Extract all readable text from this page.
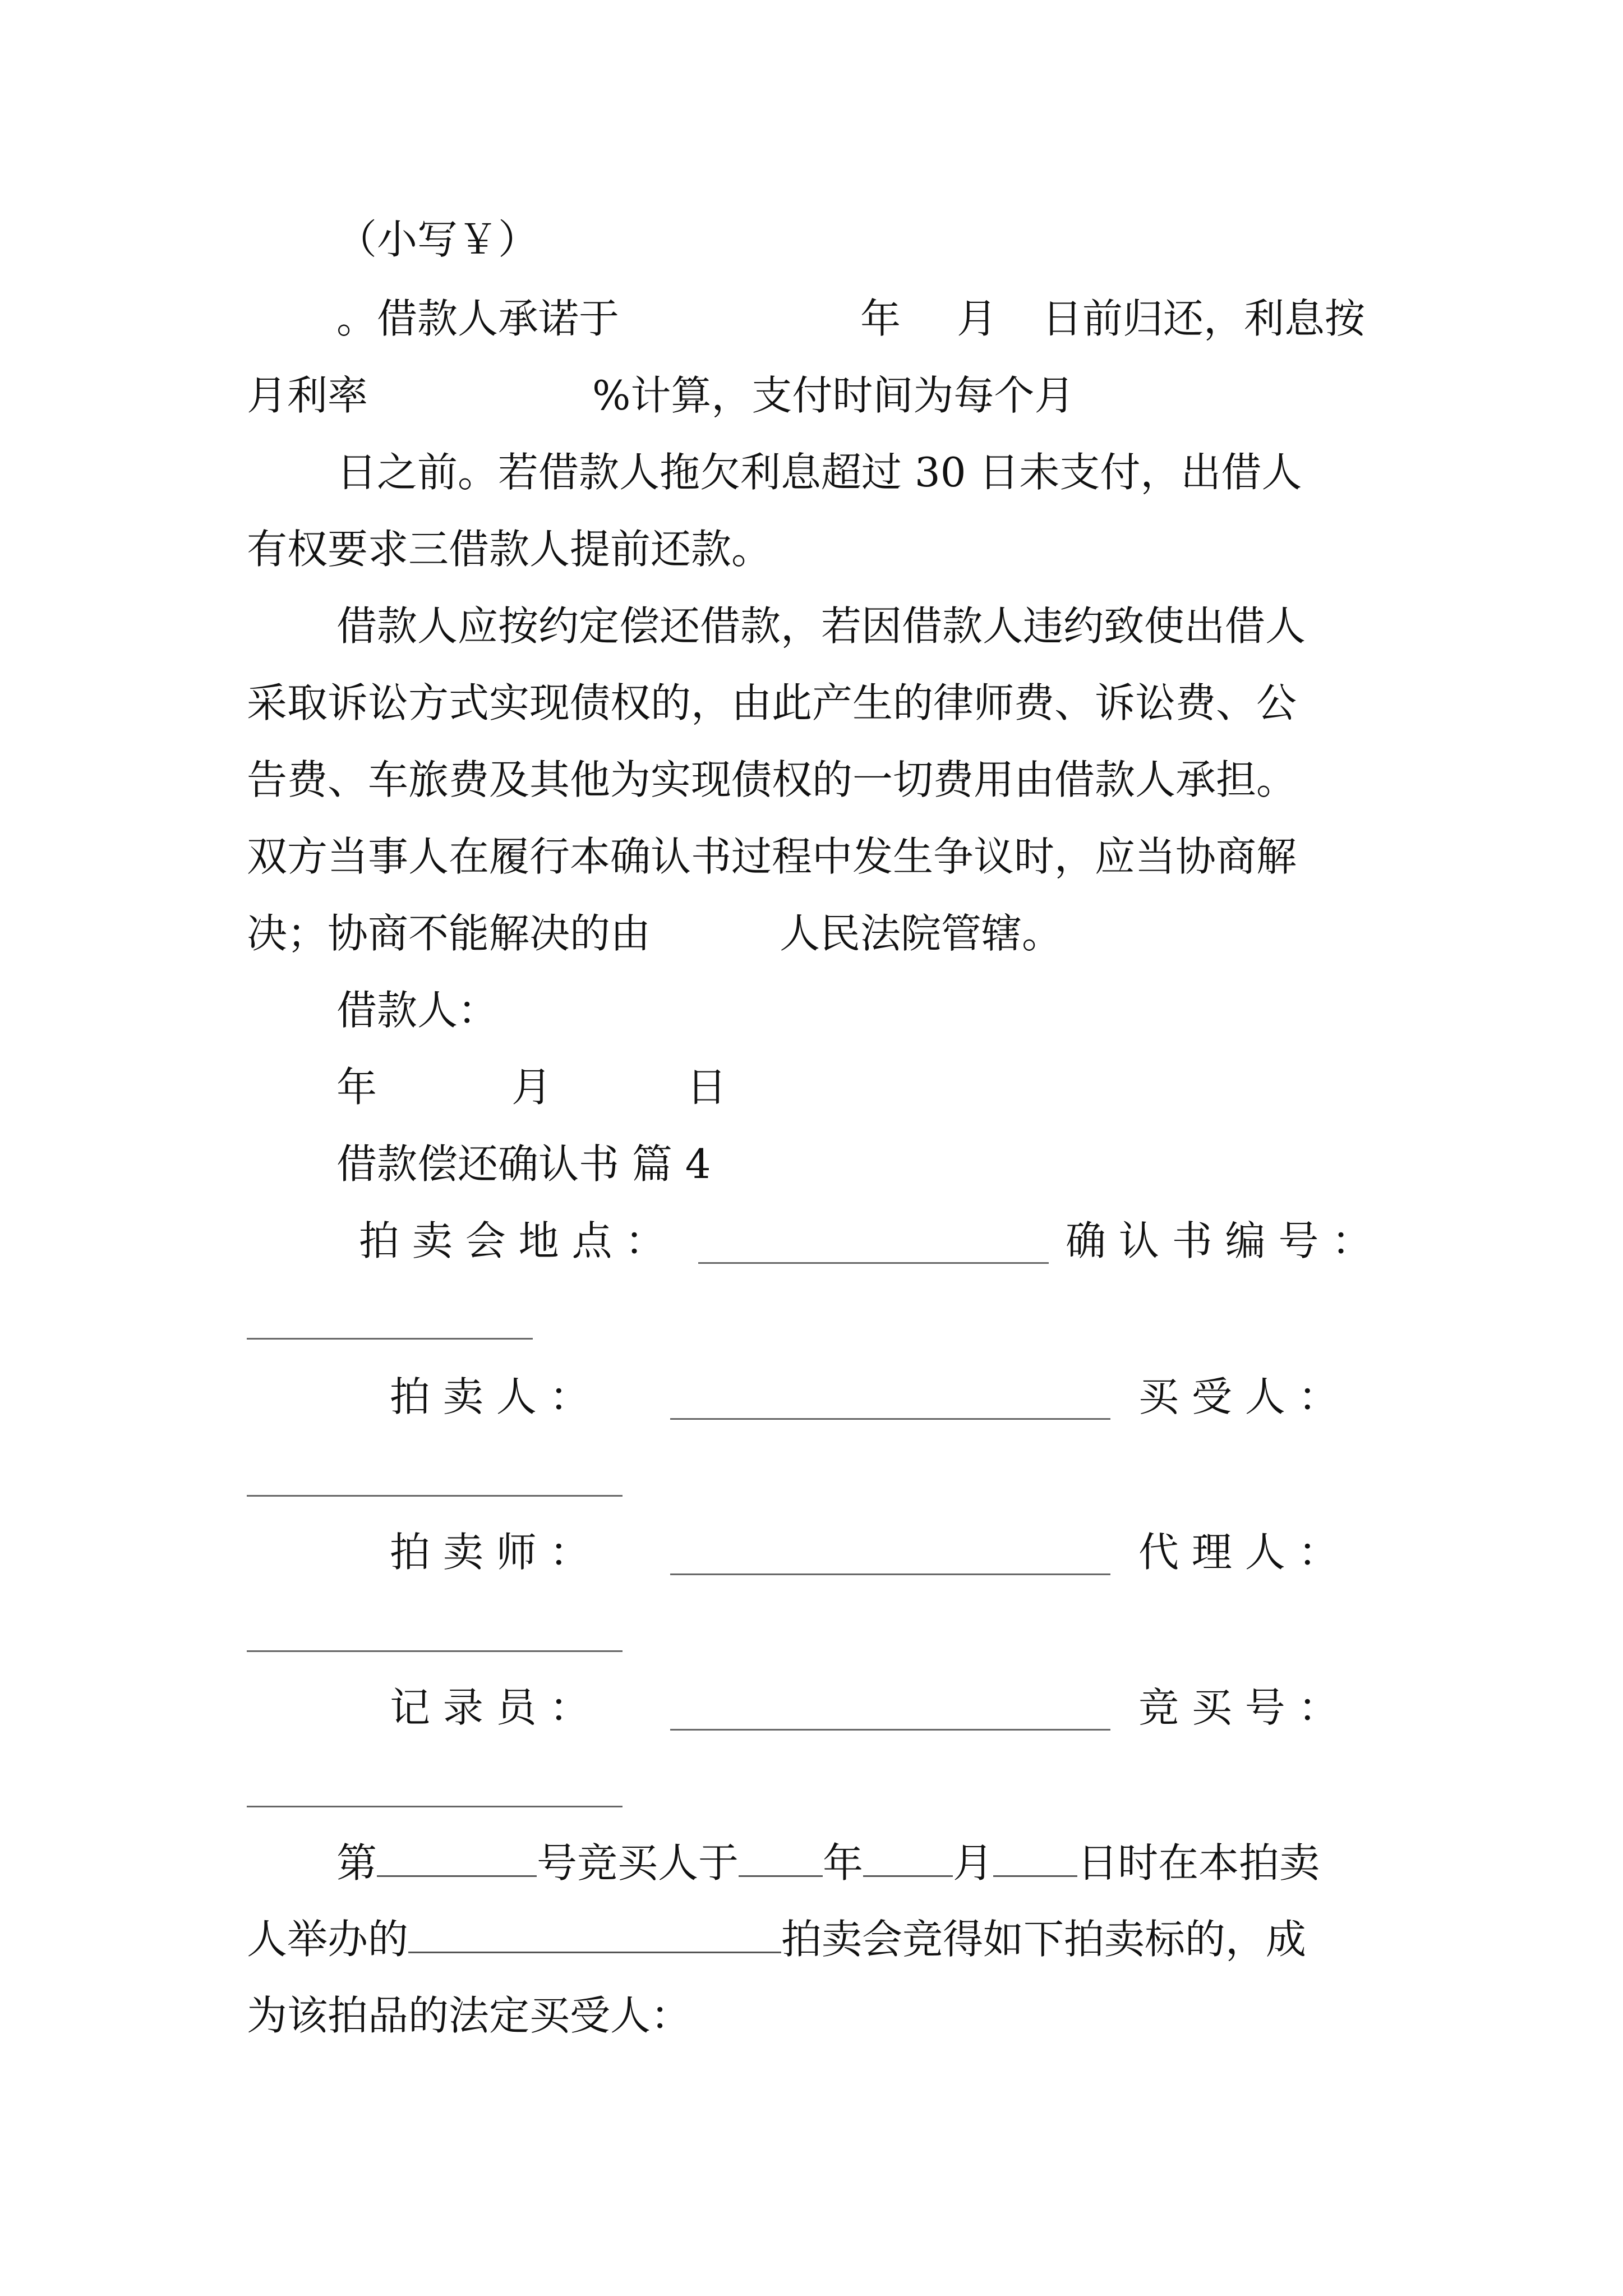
（小写￥）
。借款人承诺于	年 月 日前归还，利息按
月利率	%计算，支付时间为每个月
日之前。若借款人拖欠利息超过 30 日未支付，出借人
有权要求三借款人提前还款。
借款人应按约定偿还借款，若因借款人违约致使出借人
采取诉讼方式实现债权的，由此产生的律师费、诉讼费、公
告费、车旅费及其他为实现债权的一切费用由借款人承担。
双方当事人在履行本确认书过程中发生争议时，应当协商解
决；协商不能解决的由	人民法院管辖。
借款人：
年	月	日
借款偿还确认书 篇 4
拍 卖 会 地 点 ：	确 认 书 编 号 ：
拍 卖 人 ：	买 受 人 ：
拍 卖 师 ：	代 理 人 ：
记 录 员 ：	竞 买 号 ：
第	号竞买人于 年 月 日时在本拍卖
人举办的	拍卖会竞得如下拍卖标的，成
为该拍品的法定买受人：
